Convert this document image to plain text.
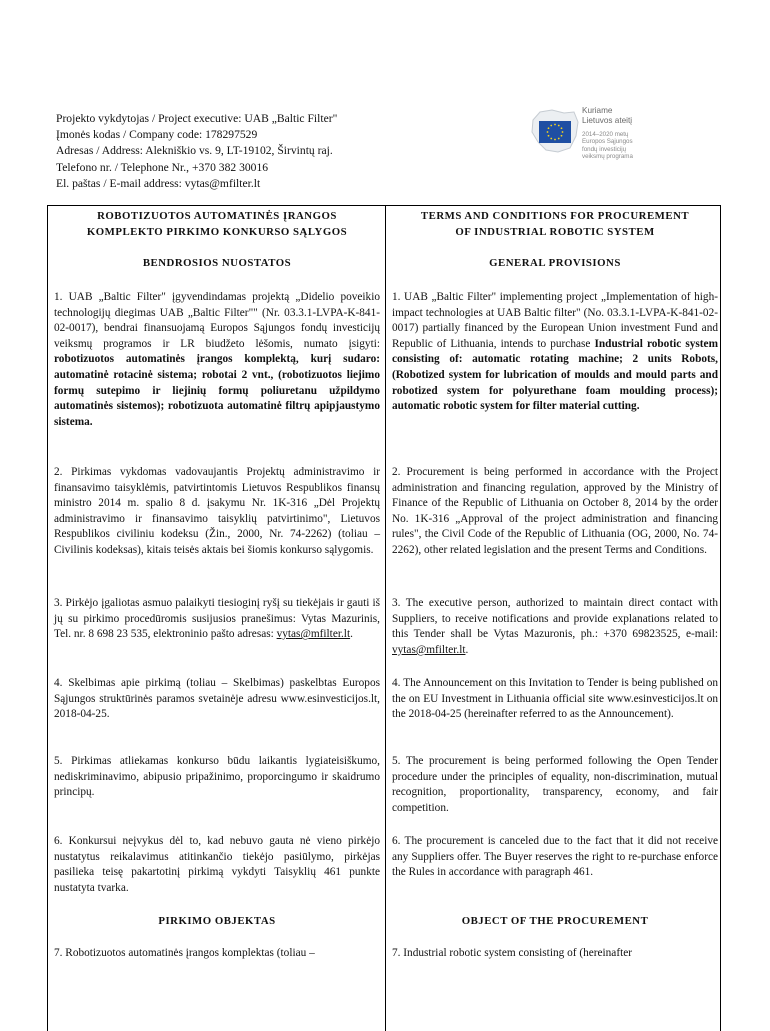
Projekto vykdytojas / Project executive: UAB „Baltic Filter"
Įmonės kodas / Company code: 178297529
Adresas / Address: Alekniškio vs. 9, LT-19102, Širvintų raj.
Telefono nr. / Telephone Nr., +370 382 30016
El. paštas / E-mail address: vytas@mfilter.lt
Kuriame
Lietuvos ateitį
2014–2020 metų
Europos Sąjungos
fondų investicijų
veiksmų programa
ROBOTIZUOTOS AUTOMATINĖS ĮRANGOS
KOMPLEKTO PIRKIMO KONKURSO SĄLYGOS
BENDROSIOS NUOSTATOS
1. UAB „Baltic Filter" įgyvendindamas projektą „Didelio poveikio technologijų diegimas UAB „Baltic Filter"" (Nr. 03.3.1-LVPA-K-841-02-0017), bendrai finansuojamą Europos Sąjungos fondų investicijų veiksmų programos ir LR biudžeto lėšomis, numato įsigyti: robotizuotos automatinės įrangos komplektą, kurį sudaro: automatinė rotacinė sistema; robotai 2 vnt., (robotizuotos liejimo formų sutepimo ir liejinių formų poliuretanu užpildymo automatinės sistemos); robotizuota automatinė filtrų apipjaustymo sistema.
2. Pirkimas vykdomas vadovaujantis Projektų administravimo ir finansavimo taisyklėmis, patvirtintomis Lietuvos Respublikos finansų ministro 2014 m. spalio 8 d. įsakymu Nr. 1K-316 „Dėl Projektų administravimo ir finansavimo taisyklių patvirtinimo", Lietuvos Respublikos civiliniu kodeksu (Žin., 2000, Nr. 74-2262) (toliau – Civilinis kodeksas), kitais teisės aktais bei šiomis konkurso sąlygomis.
3. Pirkėjo įgaliotas asmuo palaikyti tiesioginį ryšį su tiekėjais ir gauti iš jų su pirkimo procedūromis susijusios pranešimus: Vytas Mazurinis, Tel. nr. 8 698 23 535, elektroninio pašto adresas: vytas@mfilter.lt.
4. Skelbimas apie pirkimą (toliau – Skelbimas) paskelbtas Europos Sąjungos struktūrinės paramos svetainėje adresu www.esinvesticijos.lt, 2018-04-25.
5. Pirkimas atliekamas konkurso būdu laikantis lygiateisiškumo, nediskriminavimo, abipusio pripažinimo, proporcingumo ir skaidrumo principų.
6. Konkursui neįvykus dėl to, kad nebuvo gauta nė vieno pirkėjo nustatytus reikalavimus atitinkančio tiekėjo pasiūlymo, pirkėjas pasilieka teisę pakartotinį pirkimą vykdyti Taisyklių 461 punkte nustatyta tvarka.
PIRKIMO OBJEKTAS
7. Robotizuotos automatinės įrangos komplektas (toliau –
TERMS AND CONDITIONS FOR PROCUREMENT
OF INDUSTRIAL ROBOTIC SYSTEM
GENERAL PROVISIONS
1. UAB „Baltic Filter" implementing project „Implementation of high-impact technologies at UAB Baltic filter" (No. 03.3.1-LVPA-K-841-02-0017) partially financed by the European Union investment Fund and Republic of Lithuania, intends to purchase Industrial robotic system consisting of: automatic rotating machine; 2 units Robots, (Robotized system for lubrication of moulds and mould parts and robotized system for polyurethane foam moulding process); automatic robotic system for filter material cutting.
2. Procurement is being performed in accordance with the Project administration and financing regulation, approved by the Ministry of Finance of the Republic of Lithuania on October 8, 2014 by the order No. 1K-316 „Approval of the project administration and financing rules", the Civil Code of the Republic of Lithuania (OG, 2000, No. 74-2262), other related legislation and the present Terms and Conditions.
3. The executive person, authorized to maintain direct contact with Suppliers, to receive notifications and provide explanations related to this Tender shall be Vytas Mazuronis, ph.: +370 69823525, e-mail: vytas@mfilter.lt.
4. The Announcement on this Invitation to Tender is being published on the on EU Investment in Lithuania official site www.esinvesticijos.lt on the 2018-04-25 (hereinafter referred to as the Announcement).
5. The procurement is being performed following the Open Tender procedure under the principles of equality, non-discrimination, mutual recognition, proportionality, transparency, economy, and fair competition.
6. The procurement is canceled due to the fact that it did not receive any Suppliers offer. The Buyer reserves the right to re-purchase enforce the Rules in accordance with paragraph 461.
OBJECT OF THE PROCUREMENT
7. Industrial robotic system consisting of (hereinafter
